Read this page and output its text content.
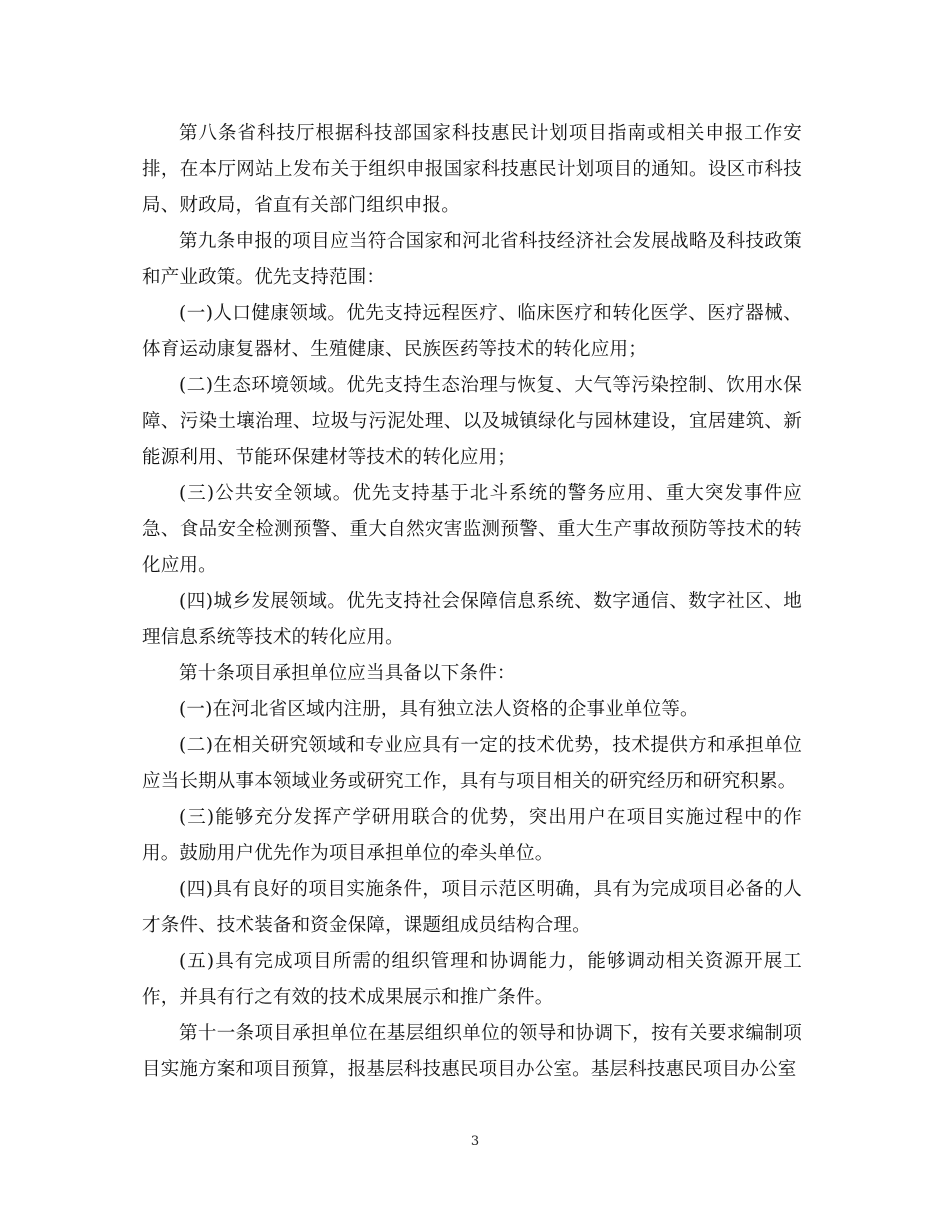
第八条省科技厅根据科技部国家科技惠民计划项目指南或相关申报工作安排，在本厅网站上发布关于组织申报国家科技惠民计划项目的通知。设区市科技局、财政局，省直有关部门组织申报。

第九条申报的项目应当符合国家和河北省科技经济社会发展战略及科技政策和产业政策。优先支持范围：

(一)人口健康领域。优先支持远程医疗、临床医疗和转化医学、医疗器械、体育运动康复器材、生殖健康、民族医药等技术的转化应用；

(二)生态环境领域。优先支持生态治理与恢复、大气等污染控制、饮用水保障、污染土壤治理、垃圾与污泥处理、以及城镇绿化与园林建设，宜居建筑、新能源利用、节能环保建材等技术的转化应用；

(三)公共安全领域。优先支持基于北斗系统的警务应用、重大突发事件应急、食品安全检测预警、重大自然灾害监测预警、重大生产事故预防等技术的转化应用。

(四)城乡发展领域。优先支持社会保障信息系统、数字通信、数字社区、地理信息系统等技术的转化应用。

第十条项目承担单位应当具备以下条件：

(一)在河北省区域内注册，具有独立法人资格的企事业单位等。

(二)在相关研究领域和专业应具有一定的技术优势，技术提供方和承担单位应当长期从事本领域业务或研究工作，具有与项目相关的研究经历和研究积累。

(三)能够充分发挥产学研用联合的优势，突出用户在项目实施过程中的作用。鼓励用户优先作为项目承担单位的牵头单位。

(四)具有良好的项目实施条件，项目示范区明确，具有为完成项目必备的人才条件、技术装备和资金保障，课题组成员结构合理。

(五)具有完成项目所需的组织管理和协调能力，能够调动相关资源开展工作，并具有行之有效的技术成果展示和推广条件。

第十一条项目承担单位在基层组织单位的领导和协调下，按有关要求编制项目实施方案和项目预算，报基层科技惠民项目办公室。基层科技惠民项目办公室

3
